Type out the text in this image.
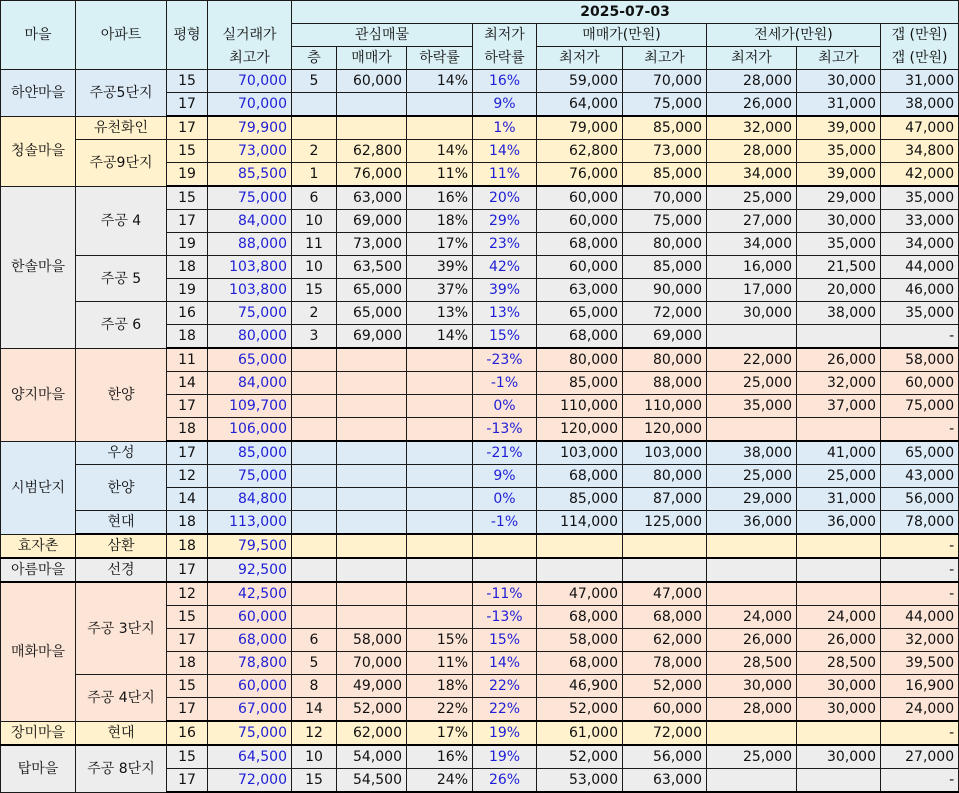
마을	아파트	평형		2025-07-03								
			실거래가	관심매물			최저가	매매가(만원)		전세가(만원)		갭 (만원)
			최고가	층	매매가	하락률	하락률	최저가	최고가	최저가	최고가	갭 (만원)
하얀마을	주공5단지	15	70,000	5	60,000	14%	16%	59,000	70,000	28,000	30,000	31,000
		17	70,000				9%	64,000	75,000	26,000	31,000	38,000
청솔마을	유천화인	17	79,900				1%	79,000	85,000	32,000	39,000	47,000
	주공9단지	15	73,000	2	62,800	14%	14%	62,800	73,000	28,000	35,000	34,800
		19	85,500	1	76,000	11%	11%	76,000	85,000	34,000	39,000	42,000
한솔마을	주공 4	15	75,000	6	63,000	16%	20%	60,000	70,000	25,000	29,000	35,000
		17	84,000	10	69,000	18%	29%	60,000	75,000	27,000	30,000	33,000
		19	88,000	11	73,000	17%	23%	68,000	80,000	34,000	35,000	34,000
	주공 5	18	103,800	10	63,500	39%	42%	60,000	85,000	16,000	21,500	44,000
		19	103,800	15	65,000	37%	39%	63,000	90,000	17,000	20,000	46,000
	주공 6	16	75,000	2	65,000	13%	13%	65,000	72,000	30,000	38,000	35,000
		18	80,000	3	69,000	14%	15%	68,000	69,000			-
양지마을	한양	11	65,000				-23%	80,000	80,000	22,000	26,000	58,000
		14	84,000				-1%	85,000	88,000	25,000	32,000	60,000
		17	109,700				0%	110,000	110,000	35,000	37,000	75,000
		18	106,000				-13%	120,000	120,000			-
시범단지	우성	17	85,000				-21%	103,000	103,000	38,000	41,000	65,000
	한양	12	75,000				9%	68,000	80,000	25,000	25,000	43,000
		14	84,800				0%	85,000	87,000	29,000	31,000	56,000
	현대	18	113,000				-1%	114,000	125,000	36,000	36,000	78,000
효자촌	삼환	18	79,500									-
아름마을	선경	17	92,500									-
매화마을	주공 3단지	12	42,500				-11%	47,000	47,000			-
		15	60,000				-13%	68,000	68,000	24,000	24,000	44,000
		17	68,000	6	58,000	15%	15%	58,000	62,000	26,000	26,000	32,000
		18	78,800	5	70,000	11%	14%	68,000	78,000	28,500	28,500	39,500
	주공 4단지	15	60,000	8	49,000	18%	22%	46,900	52,000	30,000	30,000	16,900
		17	67,000	14	52,000	22%	22%	52,000	60,000	28,000	30,000	24,000
장미마을	현대	16	75,000	12	62,000	17%	19%	61,000	72,000			-
탑마을	주공 8단지	15	64,500	10	54,000	16%	19%	52,000	56,000	25,000	30,000	27,000
		17	72,000	15	54,500	24%	26%	53,000	63,000			-
